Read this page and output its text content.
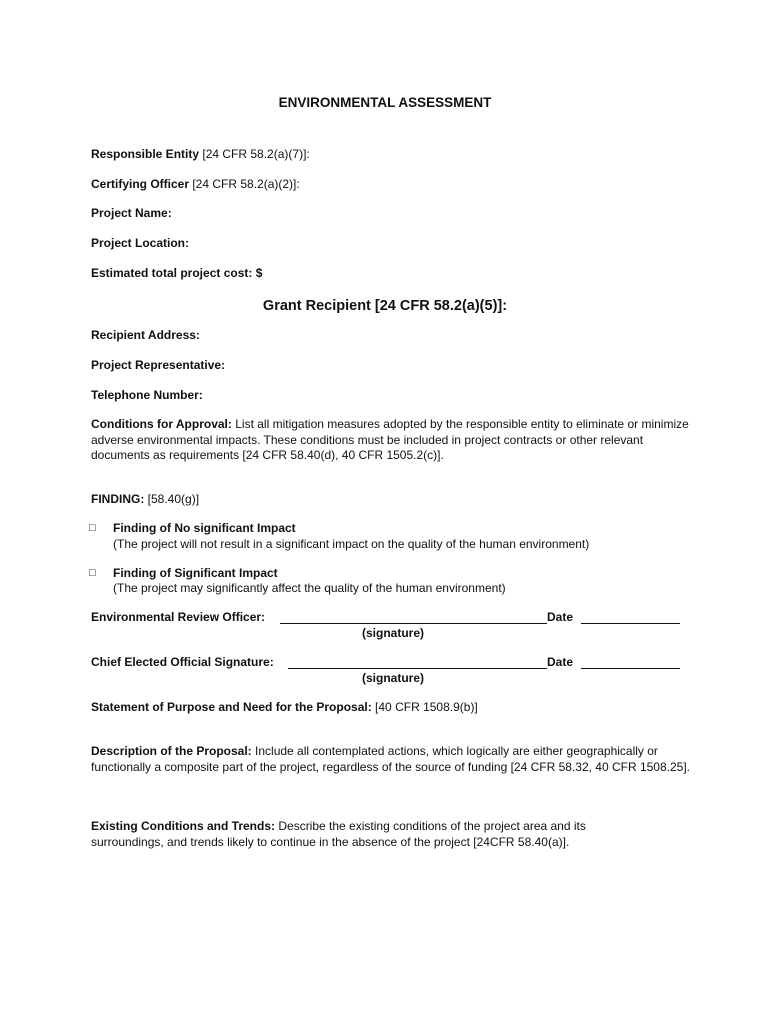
ENVIRONMENTAL ASSESSMENT
Responsible Entity [24 CFR 58.2(a)(7)]:
Certifying Officer [24 CFR 58.2(a)(2)]:
Project Name:
Project Location:
Estimated total project cost: $
Grant Recipient [24 CFR 58.2(a)(5)]:
Recipient Address:
Project Representative:
Telephone Number:
Conditions for Approval: List all mitigation measures adopted by the responsible entity to eliminate or minimize adverse environmental impacts. These conditions must be included in project contracts or other relevant documents as requirements [24 CFR 58.40(d), 40 CFR 1505.2(c)].
FINDING: [58.40(g)]
□ Finding of No significant Impact
(The project will not result in a significant impact on the quality of the human environment)
□ Finding of Significant Impact
(The project may significantly affect the quality of the human environment)
Environmental Review Officer:	Date
(signature)
Chief Elected Official Signature:	Date
(signature)
Statement of Purpose and Need for the Proposal: [40 CFR 1508.9(b)]
Description of the Proposal: Include all contemplated actions, which logically are either geographically or functionally a composite part of the project, regardless of the source of funding [24 CFR 58.32, 40 CFR 1508.25].
Existing Conditions and Trends: Describe the existing conditions of the project area and its surroundings, and trends likely to continue in the absence of the project [24CFR 58.40(a)].
